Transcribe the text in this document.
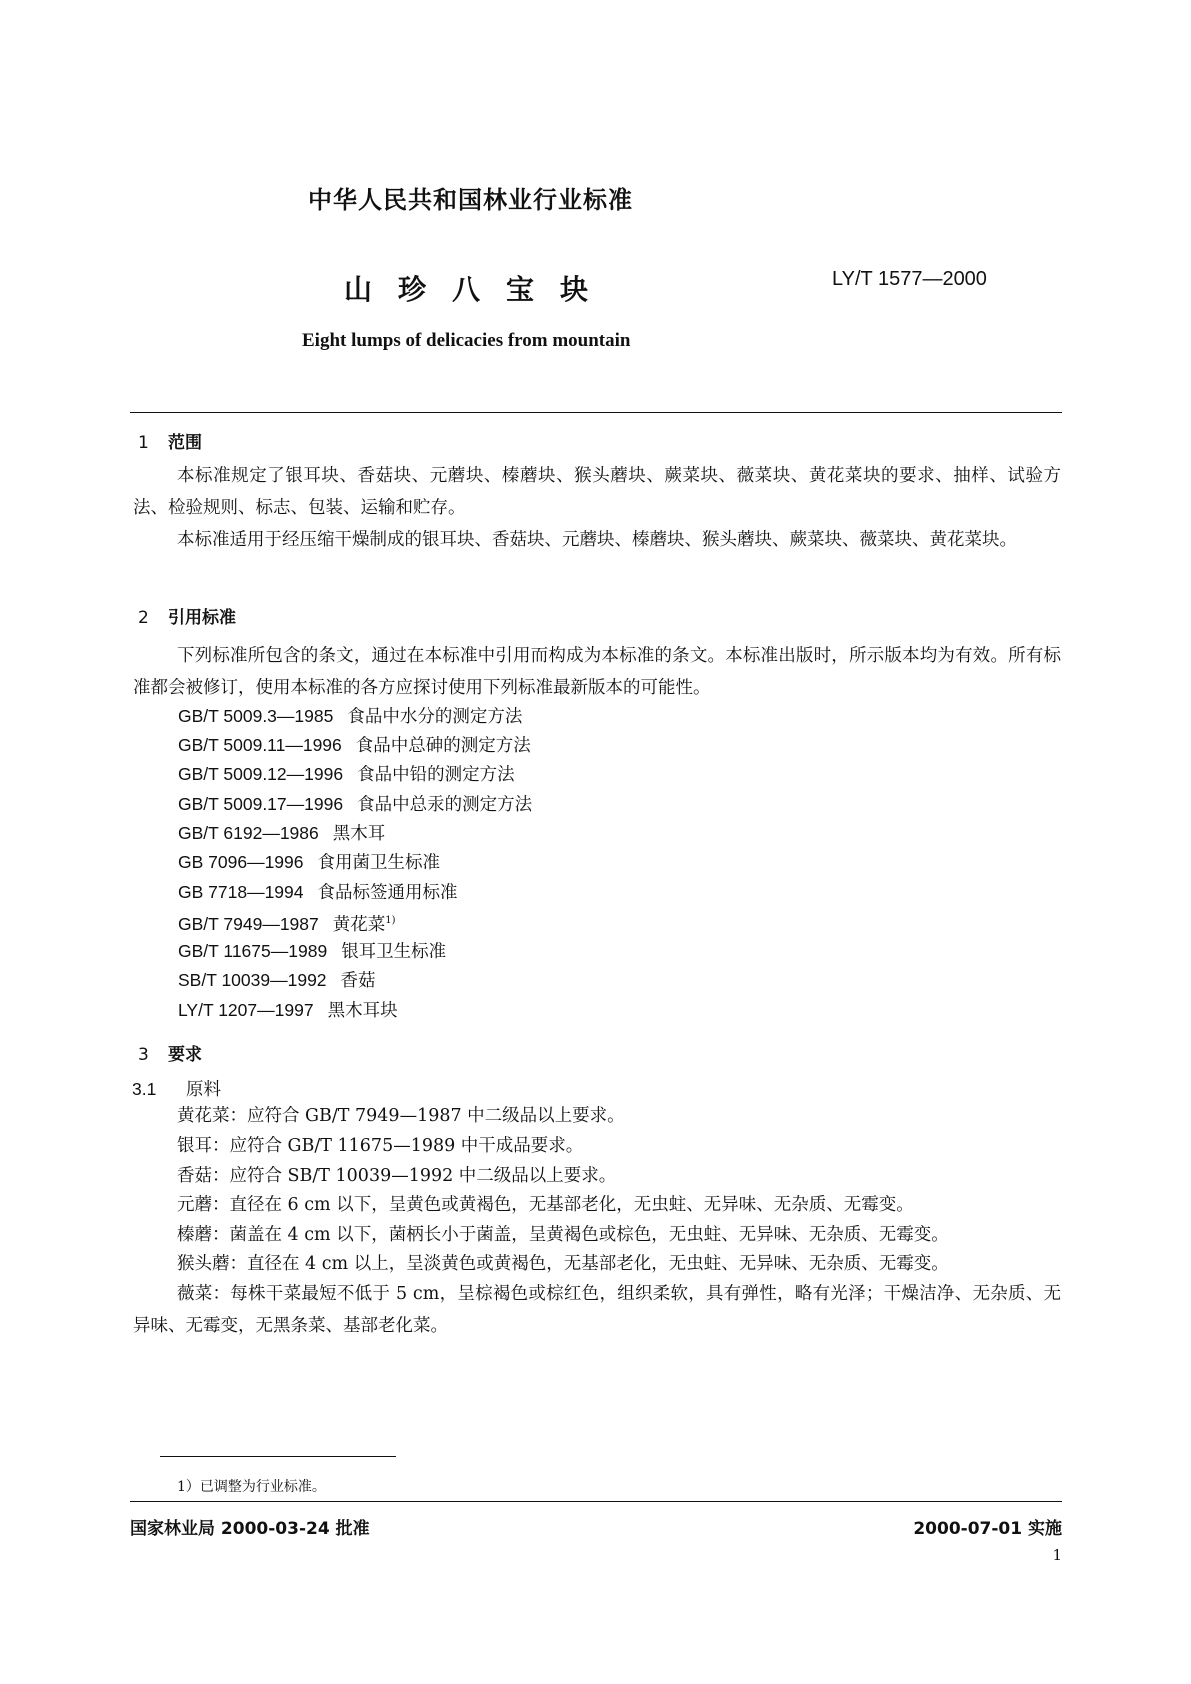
中华人民共和国林业行业标准
山珍八宝块	LY/T 1577—2000
Eight lumps of delicacies from mountain
1 范围
本标准规定了银耳块、香菇块、元蘑块、榛蘑块、猴头蘑块、蕨菜块、薇菜块、黄花菜块的要求、抽样、试验方法、检验规则、标志、包装、运输和贮存。
本标准适用于经压缩干燥制成的银耳块、香菇块、元蘑块、榛蘑块、猴头蘑块、蕨菜块、薇菜块、黄花菜块。
2 引用标准
下列标准所包含的条文，通过在本标准中引用而构成为本标准的条文。本标准出版时，所示版本均为有效。所有标准都会被修订，使用本标准的各方应探讨使用下列标准最新版本的可能性。
GB/T 5009.3—1985 食品中水分的测定方法
GB/T 5009.11—1996 食品中总砷的测定方法
GB/T 5009.12—1996 食品中铅的测定方法
GB/T 5009.17—1996 食品中总汞的测定方法
GB/T 6192—1986 黑木耳
GB 7096—1996 食用菌卫生标准
GB 7718—1994 食品标签通用标准
GB/T 7949—1987 黄花菜$^{1)}$
GB/T 11675—1989 银耳卫生标准
SB/T 10039—1992 香菇
LY/T 1207—1997 黑木耳块
3 要求
3.1 原料
黄花菜：应符合 GB/T 7949—1987 中二级品以上要求。
银耳：应符合 GB/T 11675—1989 中干成品要求。
香菇：应符合 SB/T 10039—1992 中二级品以上要求。
元蘑：直径在 6 cm 以下，呈黄色或黄褐色，无基部老化，无虫蛀、无异味、无杂质、无霉变。
榛蘑：菌盖在 4 cm 以下，菌柄长小于菌盖，呈黄褐色或棕色，无虫蛀、无异味、无杂质、无霉变。
猴头蘑：直径在 4 cm 以上，呈淡黄色或黄褐色，无基部老化，无虫蛀、无异味、无杂质、无霉变。
薇菜：每株干菜最短不低于 5 cm，呈棕褐色或棕红色，组织柔软，具有弹性，略有光泽；干燥洁净、无杂质、无异味、无霉变，无黑条菜、基部老化菜。
1）已调整为行业标准。
国家林业局 2000-03-24 批准	2000-07-01 实施
1
